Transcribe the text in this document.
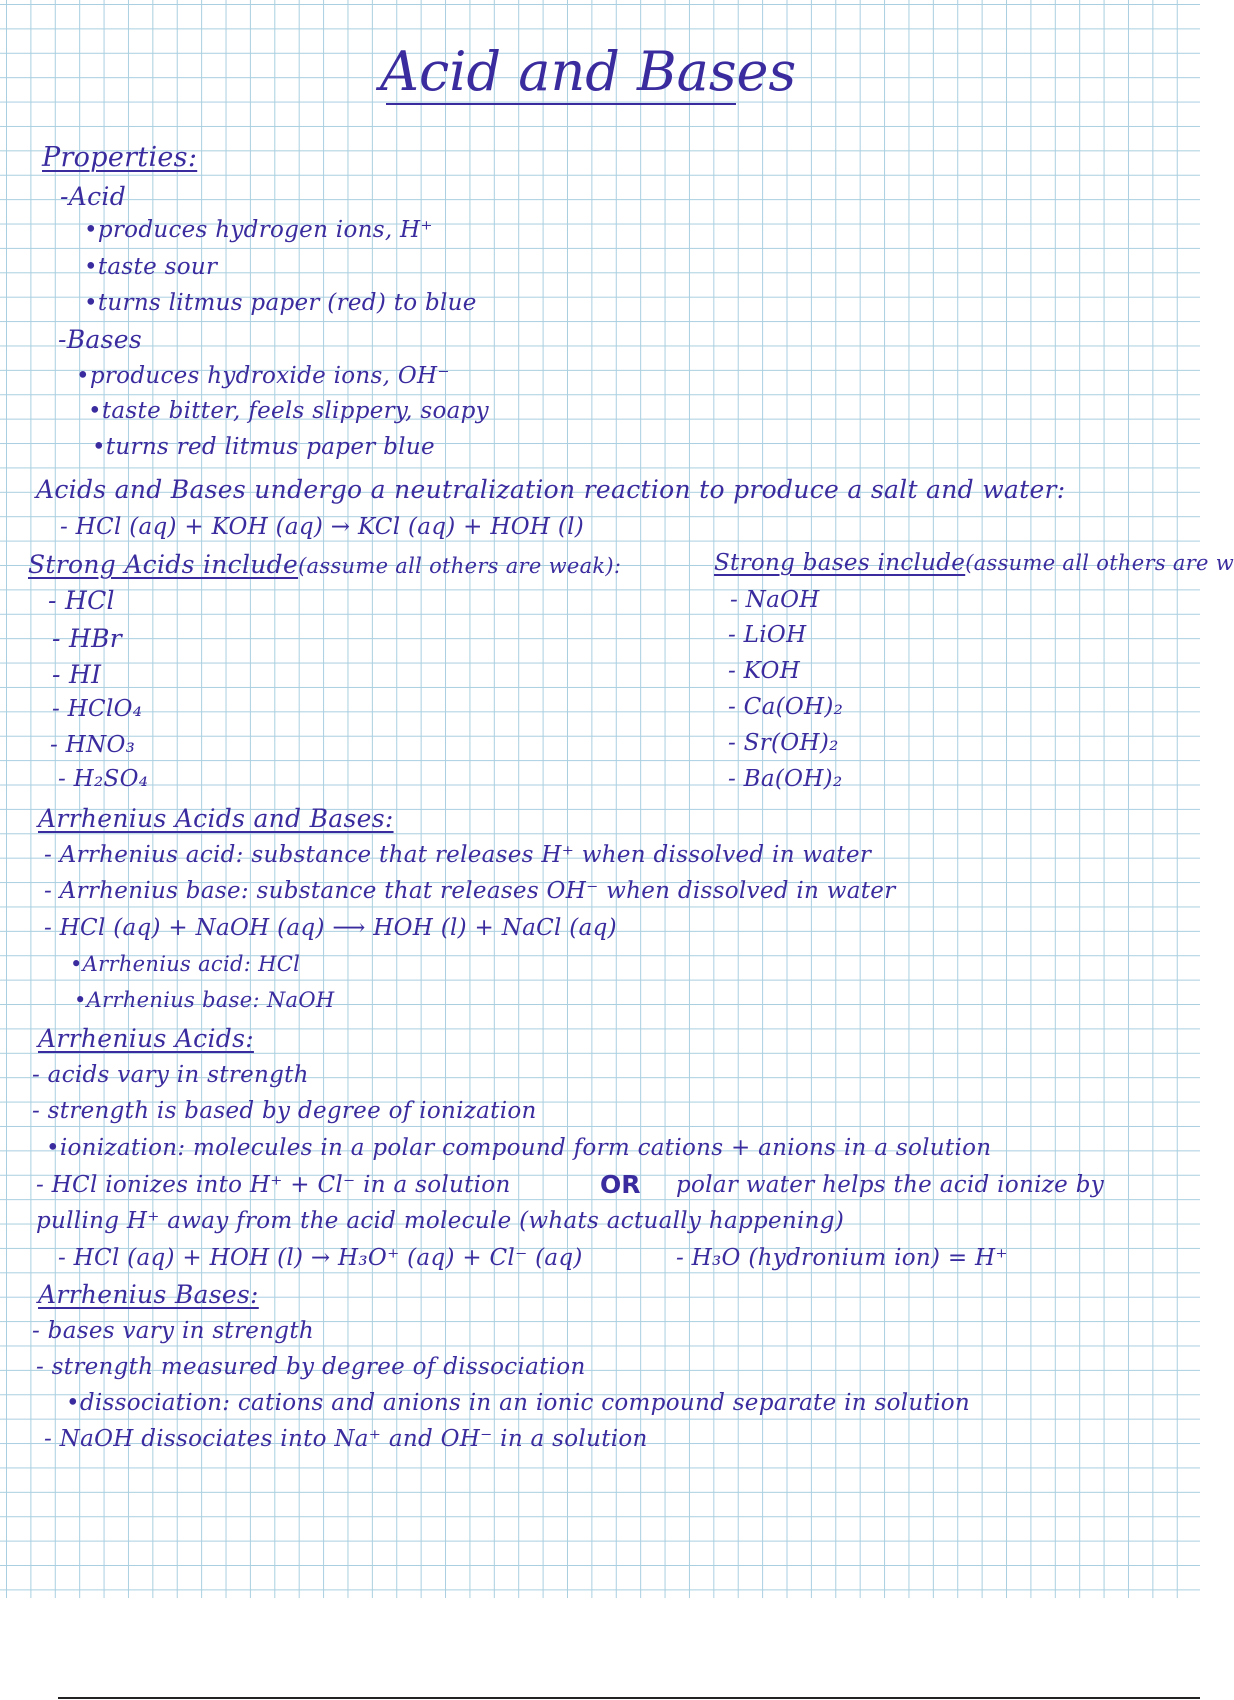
Acid and Bases
Properties:
-Acid
•produces hydrogen ions, H⁺
•taste sour
•turns litmus paper (red) to blue
-Bases
•produces hydroxide ions, OH⁻
•taste bitter, feels slippery, soapy
•turns red litmus paper blue
Acids and Bases undergo a neutralization reaction to produce a salt and water:
- HCl (aq) + KOH (aq) → KCl (aq) + HOH (l)
Strong Acids include(assume all others are weak):
- HCl
- HBr
- HI
- HClO₄
- HNO₃
- H₂SO₄
Strong bases include(assume all others are w
- NaOH
- LiOH
- KOH
- Ca(OH)₂
- Sr(OH)₂
- Ba(OH)₂
Arrhenius Acids and Bases:
- Arrhenius acid: substance that releases H⁺ when dissolved in water
- Arrhenius base: substance that releases OH⁻ when dissolved in water
- HCl (aq) + NaOH (aq) ⟶ HOH (l) + NaCl (aq)
•Arrhenius acid: HCl
•Arrhenius base: NaOH
Arrhenius Acids:
- acids vary in strength
- strength is based by degree of ionization
•ionization: molecules in a polar compound form cations + anions in a solution
- HCl ionizes into H⁺ + Cl⁻ in a solution	OR polar water helps the acid ionize by
pulling H⁺ away from the acid molecule (whats actually happening)
- HCl (aq) + HOH (l) → H₃O⁺ (aq) + Cl⁻ (aq)	- H₃O (hydronium ion) = H⁺
Arrhenius Bases:
- bases vary in strength
- strength measured by degree of dissociation
•dissociation: cations and anions in an ionic compound separate in solution
- NaOH dissociates into Na⁺ and OH⁻ in a solution
